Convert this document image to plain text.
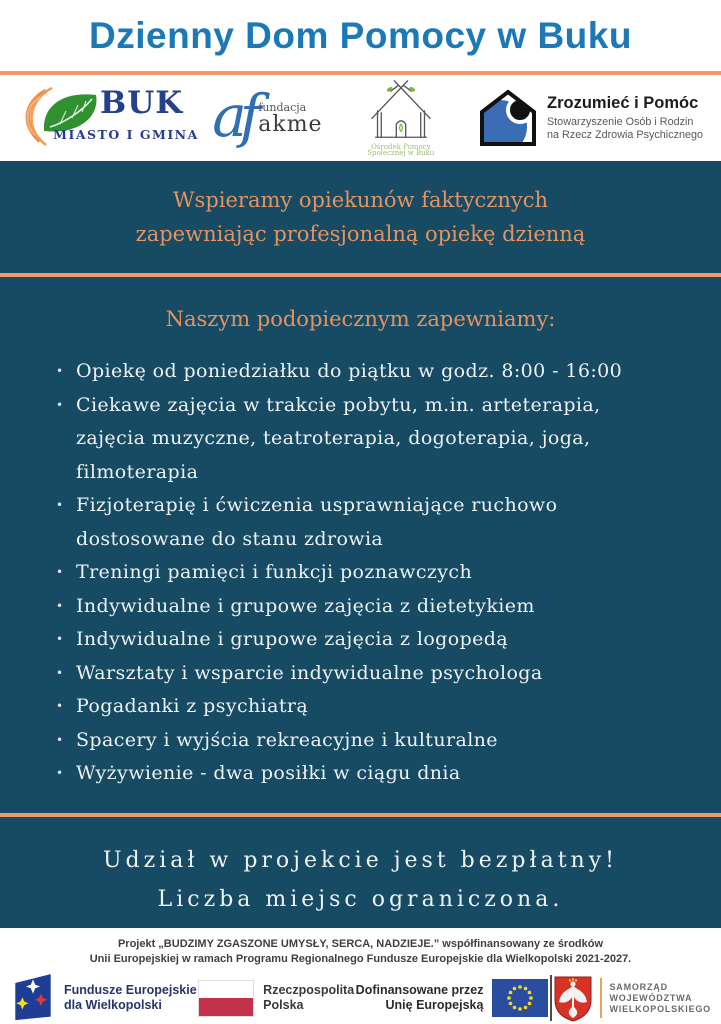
Dzienny Dom Pomocy w Buku
BUK
MIASTO I GMINA af fundacja
akme
Ośrodek Pomocy
Społecznej w Buku
Zrozumieć i Pomóc
Stowarzyszenie Osób i Rodzin
na Rzecz Zdrowia Psychicznego
Wspieramy opiekunów faktycznych
zapewniając profesjonalną opiekę dzienną
Naszym podopiecznym zapewniamy:
• Opiekę od poniedziałku do piątku w godz. 8:00 - 16:00
• Ciekawe zajęcia w trakcie pobytu, m.in. arteterapia, zajęcia muzyczne, teatroterapia, dogoterapia, joga, filmoterapia
• Fizjoterapię i ćwiczenia usprawniające ruchowo dostosowane do stanu zdrowia
• Treningi pamięci i funkcji poznawczych
• Indywidualne i grupowe zajęcia z dietetykiem
• Indywidualne i grupowe zajęcia z logopedą
• Warsztaty i wsparcie indywidualne psychologa
• Pogadanki z psychiatrą
• Spacery i wyjścia rekreacyjne i kulturalne
• Wyżywienie - dwa posiłki w ciągu dnia
Udział w projekcie jest bezpłatny!
Liczba miejsc ograniczona.
Projekt „BUDZIMY ZGASZONE UMYSŁY, SERCA, NADZIEJE.” współfinansowany ze środków
Unii Europejskiej w ramach Programu Regionalnego Fundusze Europejskie dla Wielkopolski 2021-2027.
Fundusze Europejskie
dla Wielkopolski
Rzeczpospolita
Polska
Dofinansowane przez
Unię Europejską
SAMORZĄD
WOJEWÓDZTWA
WIELKOPOLSKIEGO
